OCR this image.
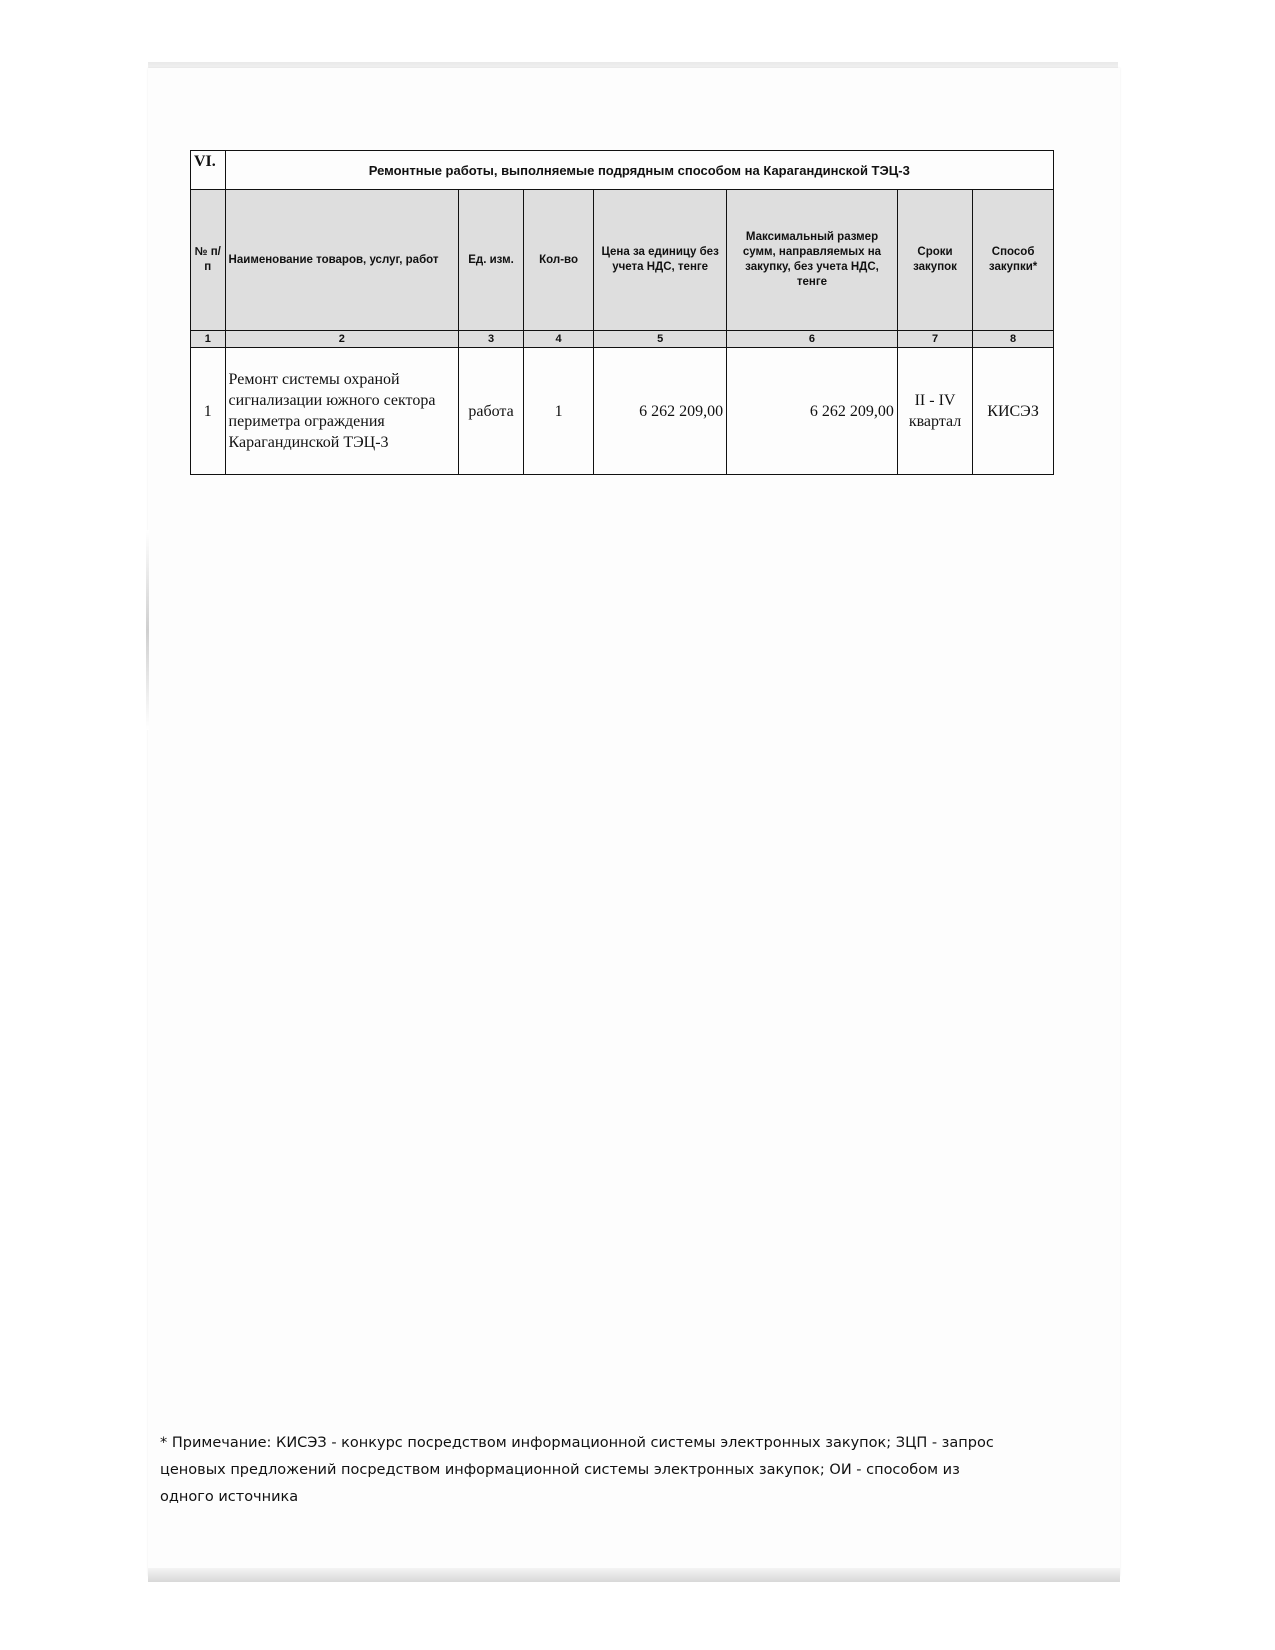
VI.	Ремонтные работы, выполняемые подрядным способом на Карагандинской ТЭЦ-3						
№ п/п	Наименование товаров, услуг, работ	Ед. изм.	Кол-во	Цена за единицу без учета НДС, тенге	Максимальный размер сумм, направляемых на закупку, без учета НДС, тенге	Сроки закупок	Способ закупки*
1	2	3	4	5	6	7	8
1	Ремонт системы охраной сигнализации южного сектора периметра ограждения Карагандинской ТЭЦ-3	работа	1	6 262 209,00	6 262 209,00	II - IV квартал	КИСЭЗ
* Примечание: КИСЭЗ - конкурс посредством информационной системы электронных закупок; ЗЦП - запрос ценовых предложений посредством информационной системы электронных закупок; ОИ - способом из одного источника
